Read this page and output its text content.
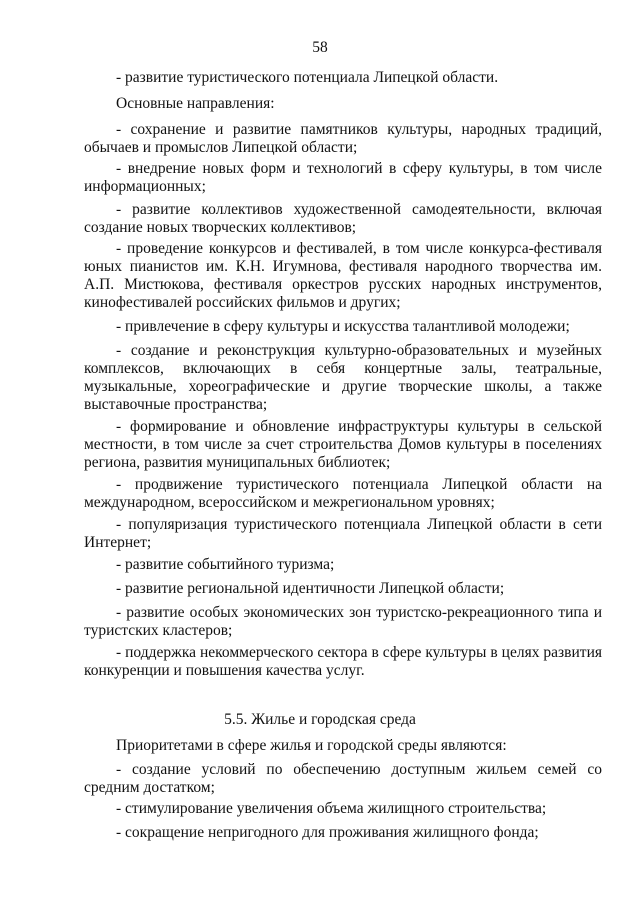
58

- развитие туристического потенциала Липецкой области.

Основные направления:

- сохранение и развитие памятников культуры, народных традиций, обычаев и промыслов Липецкой области;

- внедрение новых форм и технологий в сферу культуры, в том числе информационных;

- развитие коллективов художественной самодеятельности, включая создание новых творческих коллективов;

- проведение конкурсов и фестивалей, в том числе конкурса-фестиваля юных пианистов им. К.Н. Игумнова, фестиваля народного творчества им. А.П. Мистюкова, фестиваля оркестров русских народных инструментов, кинофестивалей российских фильмов и других;

- привлечение в сферу культуры и искусства талантливой молодежи;

- создание и реконструкция культурно-образовательных и музейных комплексов, включающих в себя концертные залы, театральные, музыкальные, хореографические и другие творческие школы, а также выставочные пространства;

- формирование и обновление инфраструктуры культуры в сельской местности, в том числе за счет строительства Домов культуры в поселениях региона, развития муниципальных библиотек;

- продвижение туристического потенциала Липецкой области на международном, всероссийском и межрегиональном уровнях;

- популяризация туристического потенциала Липецкой области в сети Интернет;

- развитие событийного туризма;

- развитие региональной идентичности Липецкой области;

- развитие особых экономических зон туристско-рекреационного типа и туристских кластеров;

- поддержка некоммерческого сектора в сфере культуры в целях развития конкуренции и повышения качества услуг.

5.5. Жилье и городская среда

Приоритетами в сфере жилья и городской среды являются:

- создание условий по обеспечению доступным жильем семей со средним достатком;

- стимулирование увеличения объема жилищного строительства;

- сокращение непригодного для проживания жилищного фонда;
